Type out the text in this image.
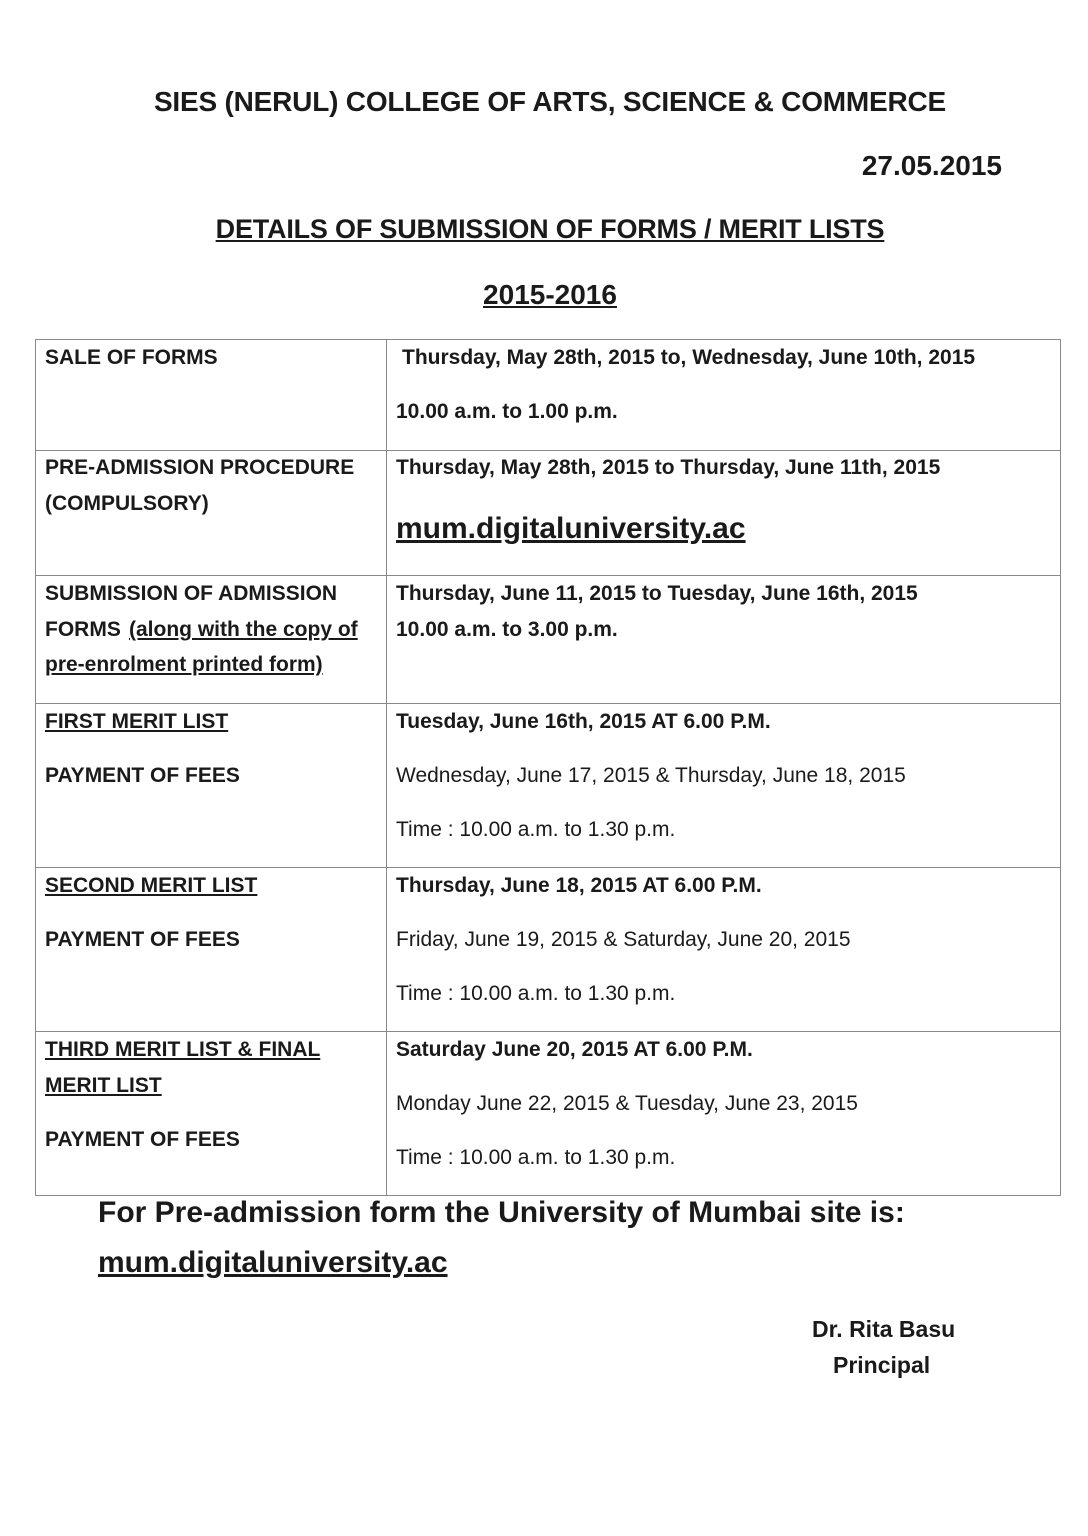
SIES (NERUL) COLLEGE OF ARTS, SCIENCE & COMMERCE
27.05.2015
DETAILS OF SUBMISSION OF FORMS / MERIT LISTS
2015-2016
SALE OF FORMS	Thursday, May 28th, 2015 to, Wednesday, June 10th, 2015
10.00 a.m. to 1.00 p.m.

PRE-ADMISSION PROCEDURE
(COMPULSORY)	Thursday, May 28th, 2015 to Thursday, June 11th, 2015
mum.digitaluniversity.ac

SUBMISSION OF ADMISSION
FORMS (along with the copy of
pre-enrolment printed form)	Thursday, June 11, 2015 to Tuesday, June 16th, 2015
10.00 a.m. to 3.00 p.m.

FIRST MERIT LIST
PAYMENT OF FEES	Tuesday, June 16th, 2015 AT 6.00 P.M.
Wednesday, June 17, 2015 & Thursday, June 18, 2015
Time : 10.00 a.m. to 1.30 p.m.

SECOND MERIT LIST
PAYMENT OF FEES	Thursday, June 18, 2015 AT 6.00 P.M.
Friday, June 19, 2015 & Saturday, June 20, 2015
Time : 10.00 a.m. to 1.30 p.m.

THIRD MERIT LIST & FINAL
MERIT LIST
PAYMENT OF FEES	Saturday June 20, 2015 AT 6.00 P.M.
Monday June 22, 2015 & Tuesday, June 23, 2015
Time : 10.00 a.m. to 1.30 p.m.
For Pre-admission form the University of Mumbai site is:
mum.digitaluniversity.ac
Dr. Rita Basu
Principal
